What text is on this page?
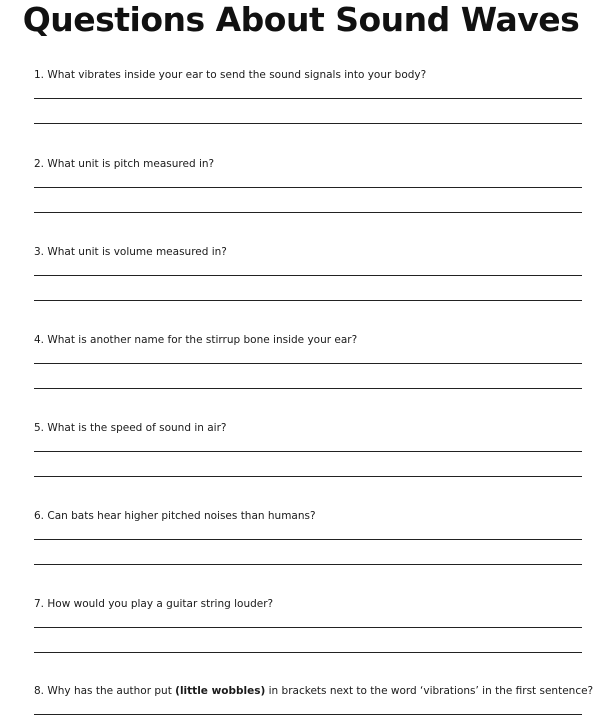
Questions About Sound Waves
1. What vibrates inside your ear to send the sound signals into your body?
2. What unit is pitch measured in?
3. What unit is volume measured in?
4. What is another name for the stirrup bone inside your ear?
5. What is the speed of sound in air?
6. Can bats hear higher pitched noises than humans?
7. How would you play a guitar string louder?
8. Why has the author put (little wobbles) in brackets next to the word ‘vibrations’ in the first sentence?
